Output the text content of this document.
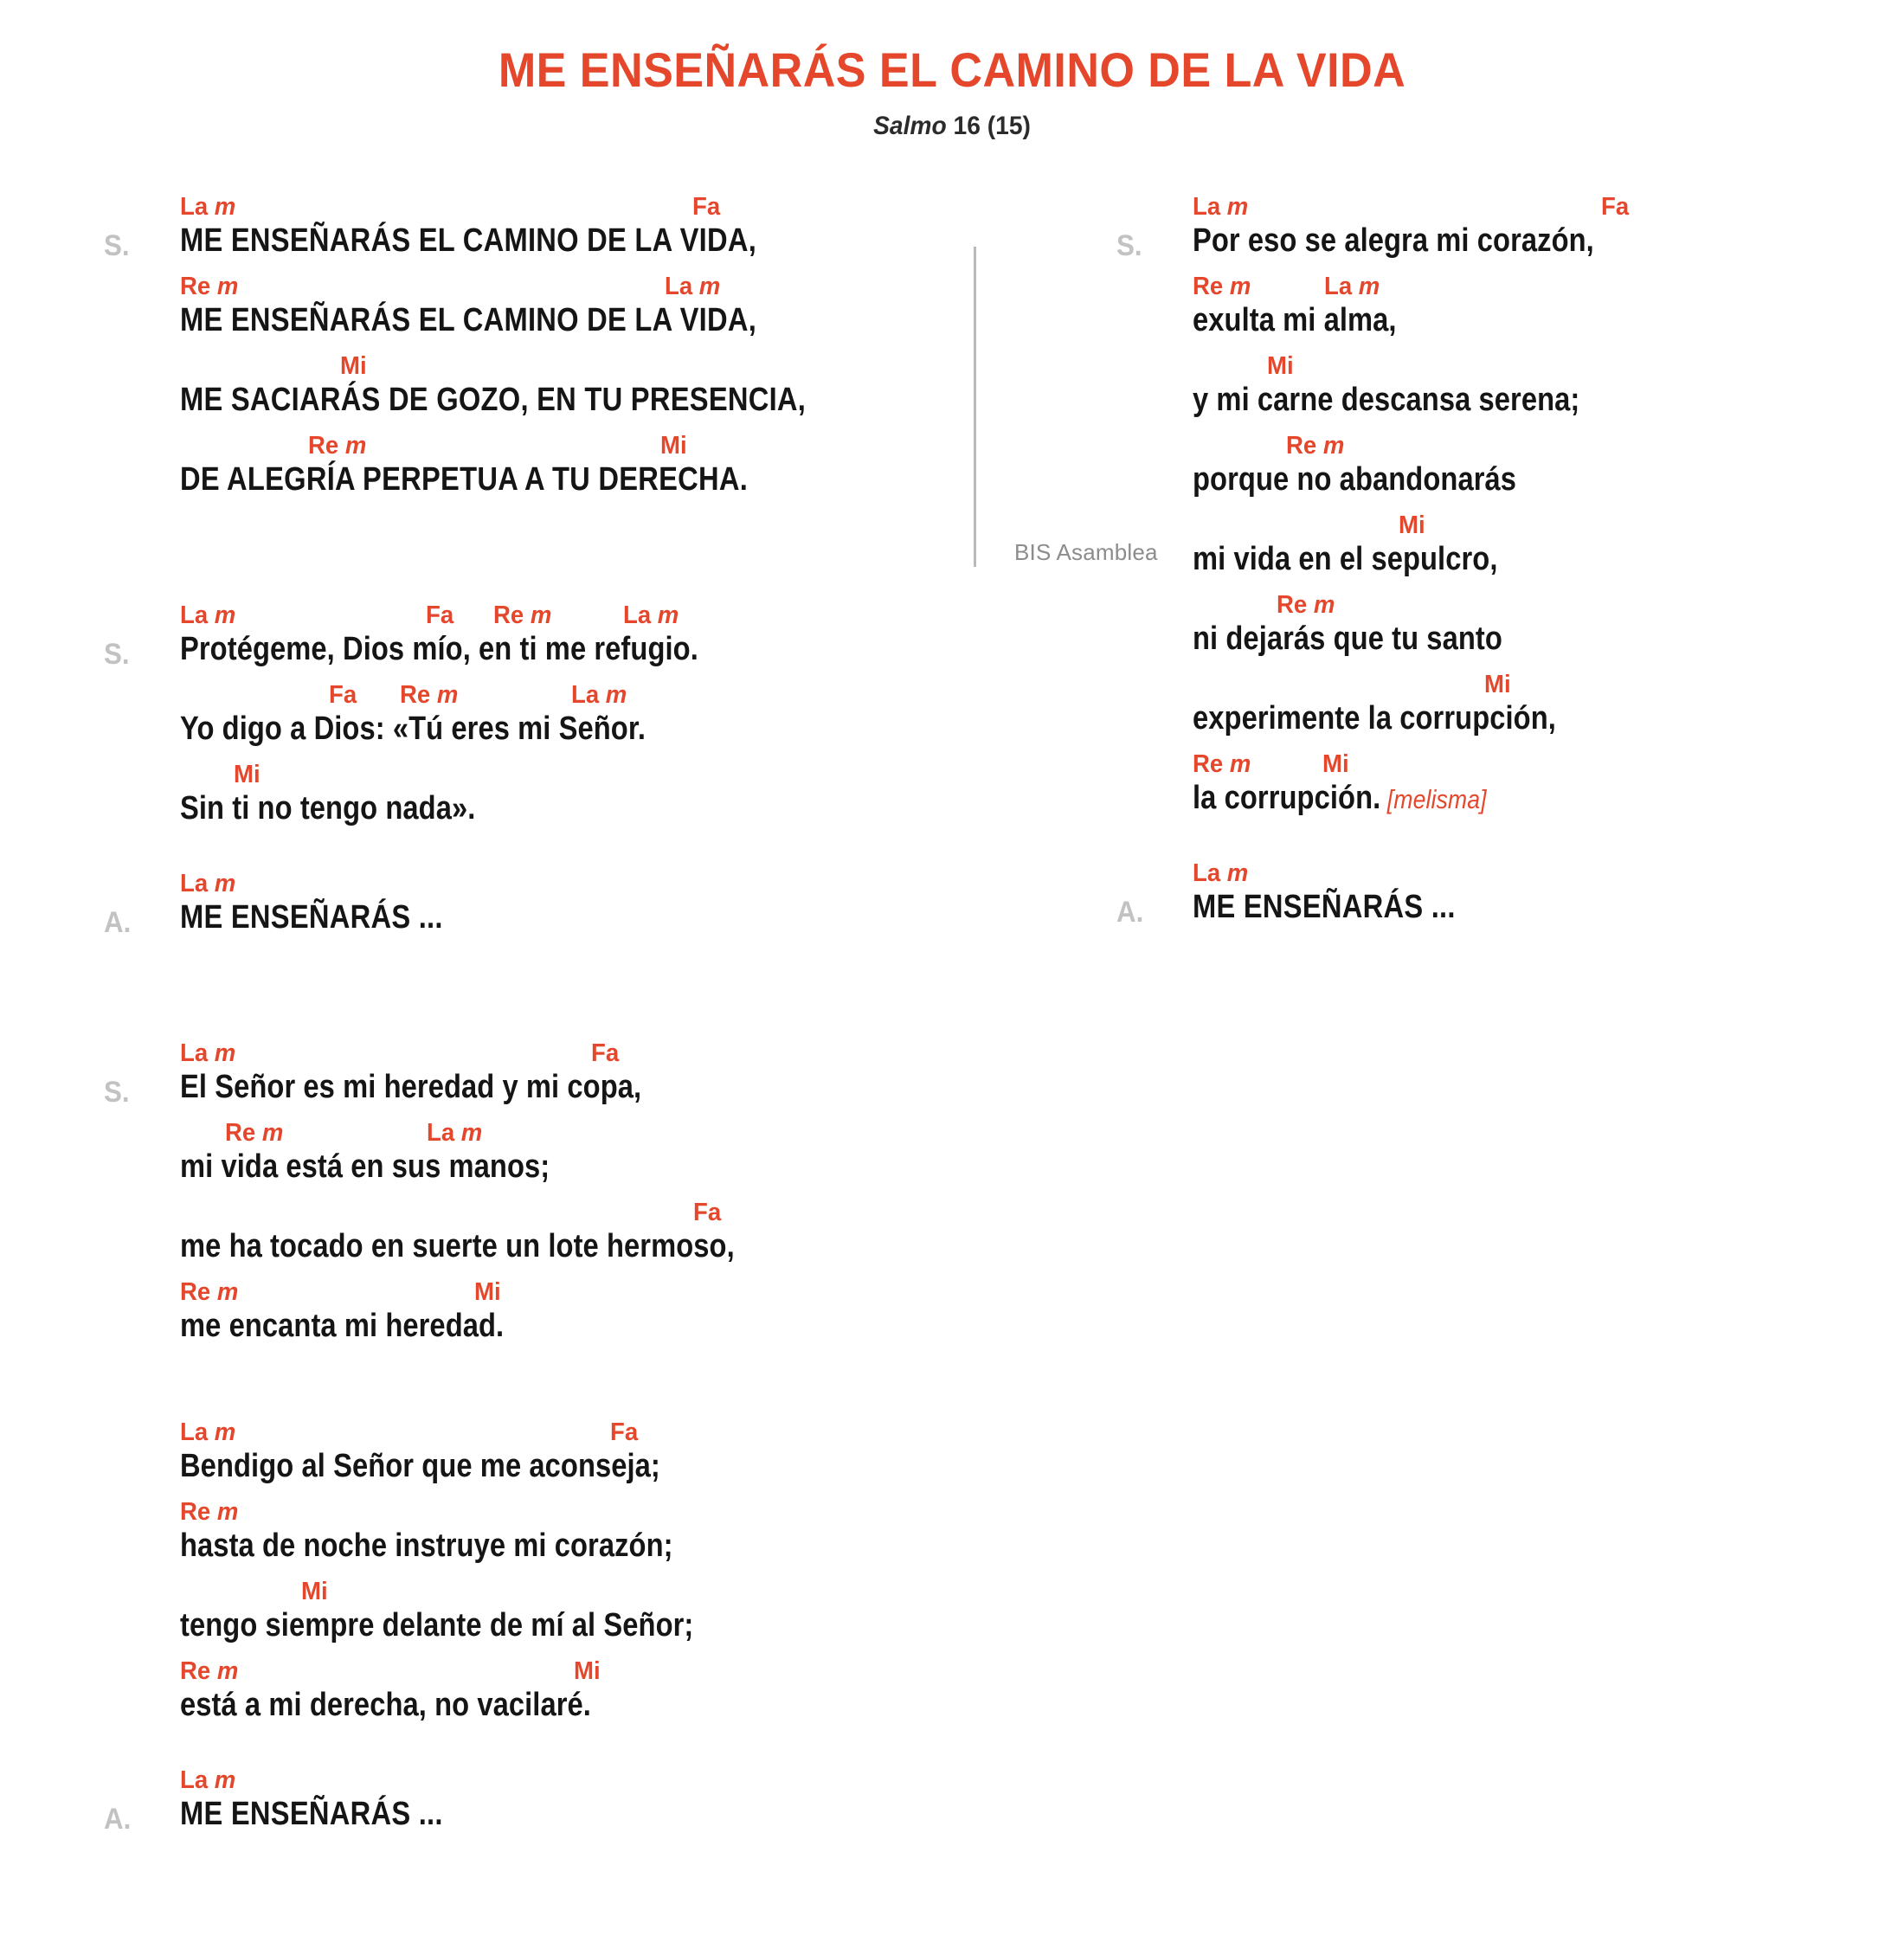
ME ENSEÑARÁS EL CAMINO DE LA VIDA
Salmo 16 (15)
BIS Asamblea
S.
La m	Fa
ME ENSEÑARÁS EL CAMINO DE LA VIDA,
Re m	La m
ME ENSEÑARÁS EL CAMINO DE LA VIDA,
Mi
ME SACIARÁS DE GOZO, EN TU PRESENCIA,
Re m	Mi
DE ALEGRÍA PERPETUA A TU DERECHA.
S.
La m	Fa Re m	La m
Protégeme, Dios mío, en ti me refugio.
Fa Re m	La m
Yo digo a Dios: «Tú eres mi Señor.
Mi
Sin ti no tengo nada».
A.
La m
ME ENSEÑARÁS ...
S.
La m	Fa
El Señor es mi heredad y mi copa,
Re m	La m
mi vida está en sus manos;
Fa
me ha tocado en suerte un lote hermoso,
Re m	Mi
me encanta mi heredad.
La m	Fa
Bendigo al Señor que me aconseja;
Re m
hasta de noche instruye mi corazón;
Mi
tengo siempre delante de mí al Señor;
Re m	Mi
está a mi derecha, no vacilaré.
A.
La m
ME ENSEÑARÁS ...
S.
La m	Fa
Por eso se alegra mi corazón,
Re m	La m
exulta mi alma,
Mi
y mi carne descansa serena;
Re m
porque no abandonarás
Mi
mi vida en el sepulcro,
Re m
ni dejarás que tu santo
Mi
experimente la corrupción,
Re m	Mi
la corrupción. [melisma]
A.
La m
ME ENSEÑARÁS ...
